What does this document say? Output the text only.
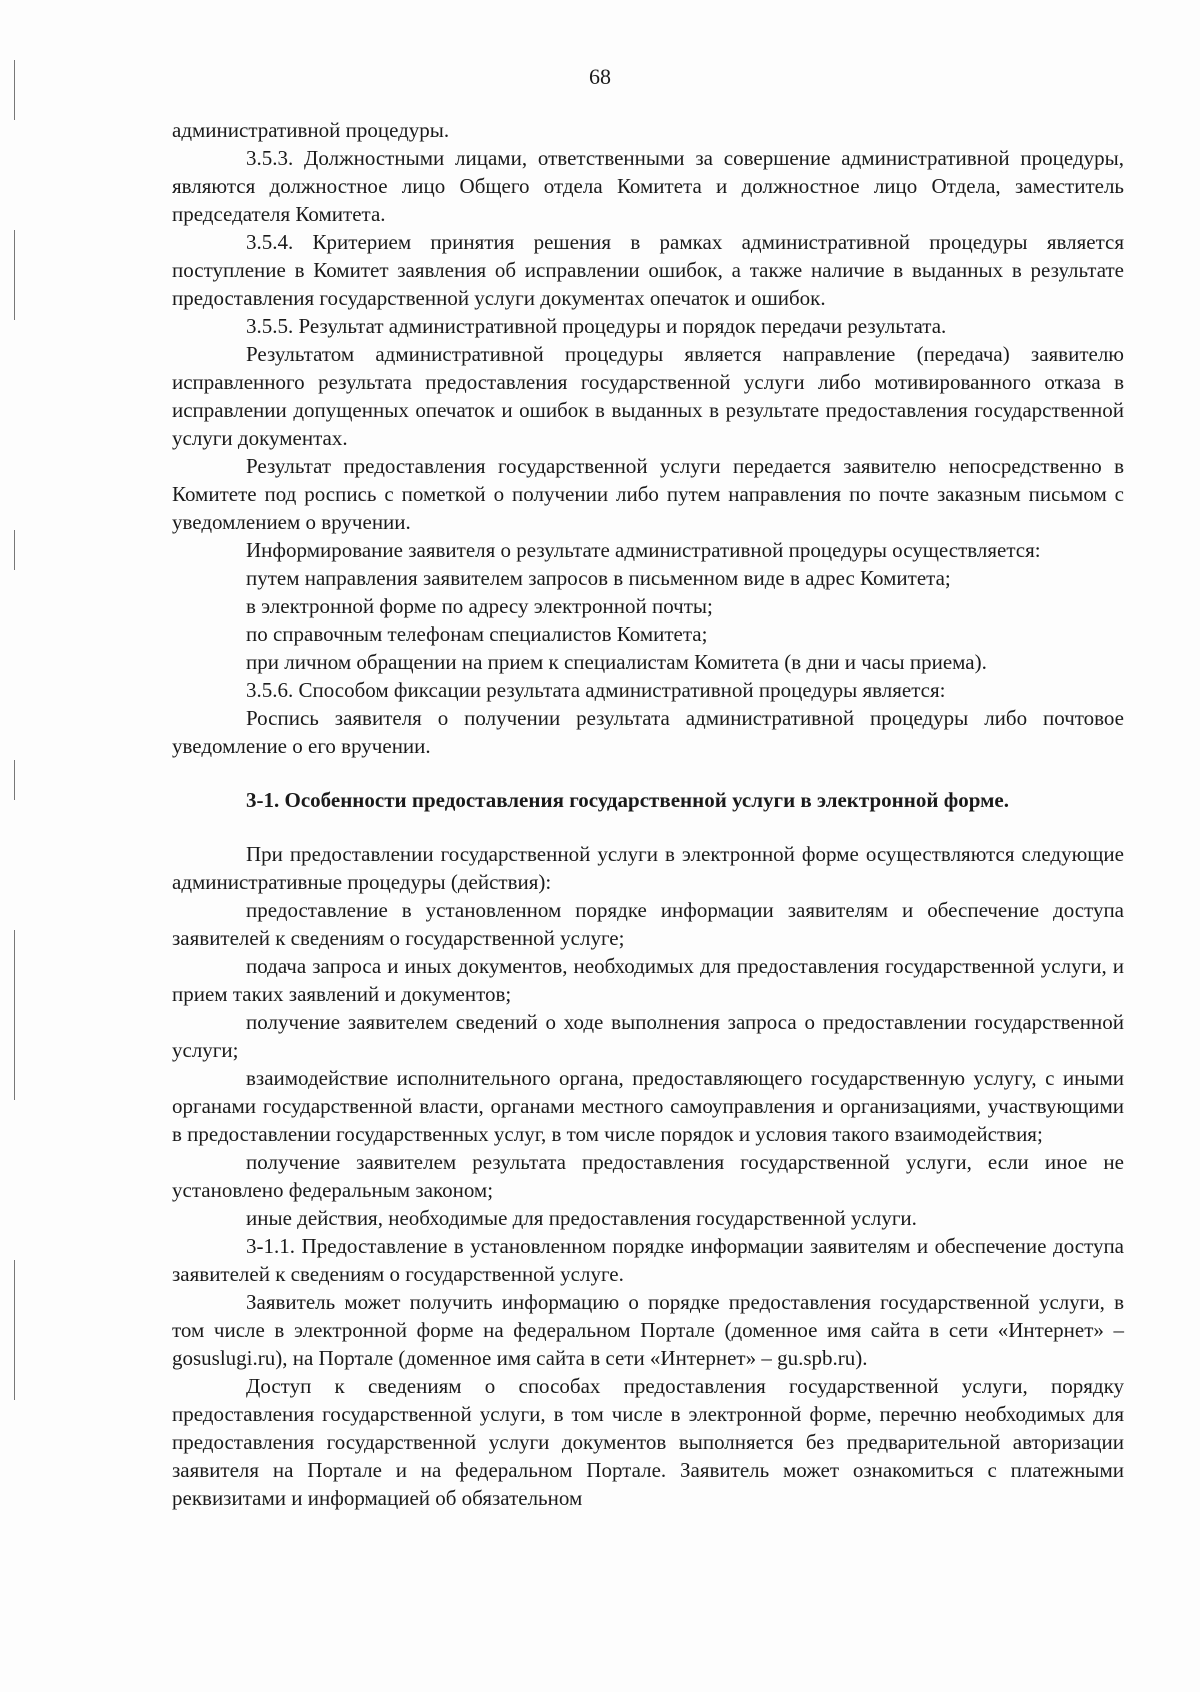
68

административной процедуры.

3.5.3. Должностными лицами, ответственными за совершение административной процедуры, являются должностное лицо Общего отдела Комитета и должностное лицо Отдела, заместитель председателя Комитета.

3.5.4. Критерием принятия решения в рамках административной процедуры является поступление в Комитет заявления об исправлении ошибок, а также наличие в выданных в результате предоставления государственной услуги документах опечаток и ошибок.

3.5.5. Результат административной процедуры и порядок передачи результата.

Результатом административной процедуры является направление (передача) заявителю исправленного результата предоставления государственной услуги либо мотивированного отказа в исправлении допущенных опечаток и ошибок в выданных в результате предоставления государственной услуги документах.

Результат предоставления государственной услуги передается заявителю непосредственно в Комитете под роспись с пометкой о получении либо путем направления по почте заказным письмом с уведомлением о вручении.

Информирование заявителя о результате административной процедуры осуществляется:

путем направления заявителем запросов в письменном виде в адрес Комитета;

в электронной форме по адресу электронной почты;

по справочным телефонам специалистов Комитета;

при личном обращении на прием к специалистам Комитета (в дни и часы приема).

3.5.6. Способом фиксации результата административной процедуры является:

Роспись заявителя о получении результата административной процедуры либо почтовое уведомление о его вручении.

3-1. Особенности предоставления государственной услуги в электронной форме.

При предоставлении государственной услуги в электронной форме осуществляются следующие административные процедуры (действия):

предоставление в установленном порядке информации заявителям и обеспечение доступа заявителей к сведениям о государственной услуге;

подача запроса и иных документов, необходимых для предоставления государственной услуги, и прием таких заявлений и документов;

получение заявителем сведений о ходе выполнения запроса о предоставлении государственной услуги;

взаимодействие исполнительного органа, предоставляющего государственную услугу, с иными органами государственной власти, органами местного самоуправления и организациями, участвующими в предоставлении государственных услуг, в том числе порядок и условия такого взаимодействия;

получение заявителем результата предоставления государственной услуги, если иное не установлено федеральным законом;

иные действия, необходимые для предоставления государственной услуги.

3-1.1. Предоставление в установленном порядке информации заявителям и обеспечение доступа заявителей к сведениям о государственной услуге.

Заявитель может получить информацию о порядке предоставления государственной услуги, в том числе в электронной форме на федеральном Портале (доменное имя сайта в сети «Интернет» – gosuslugi.ru), на Портале (доменное имя сайта в сети «Интернет» – gu.spb.ru).

Доступ к сведениям о способах предоставления государственной услуги, порядку предоставления государственной услуги, в том числе в электронной форме, перечню необходимых для предоставления государственной услуги документов выполняется без предварительной авторизации заявителя на Портале и на федеральном Портале. Заявитель может ознакомиться с платежными реквизитами и информацией об обязательном
